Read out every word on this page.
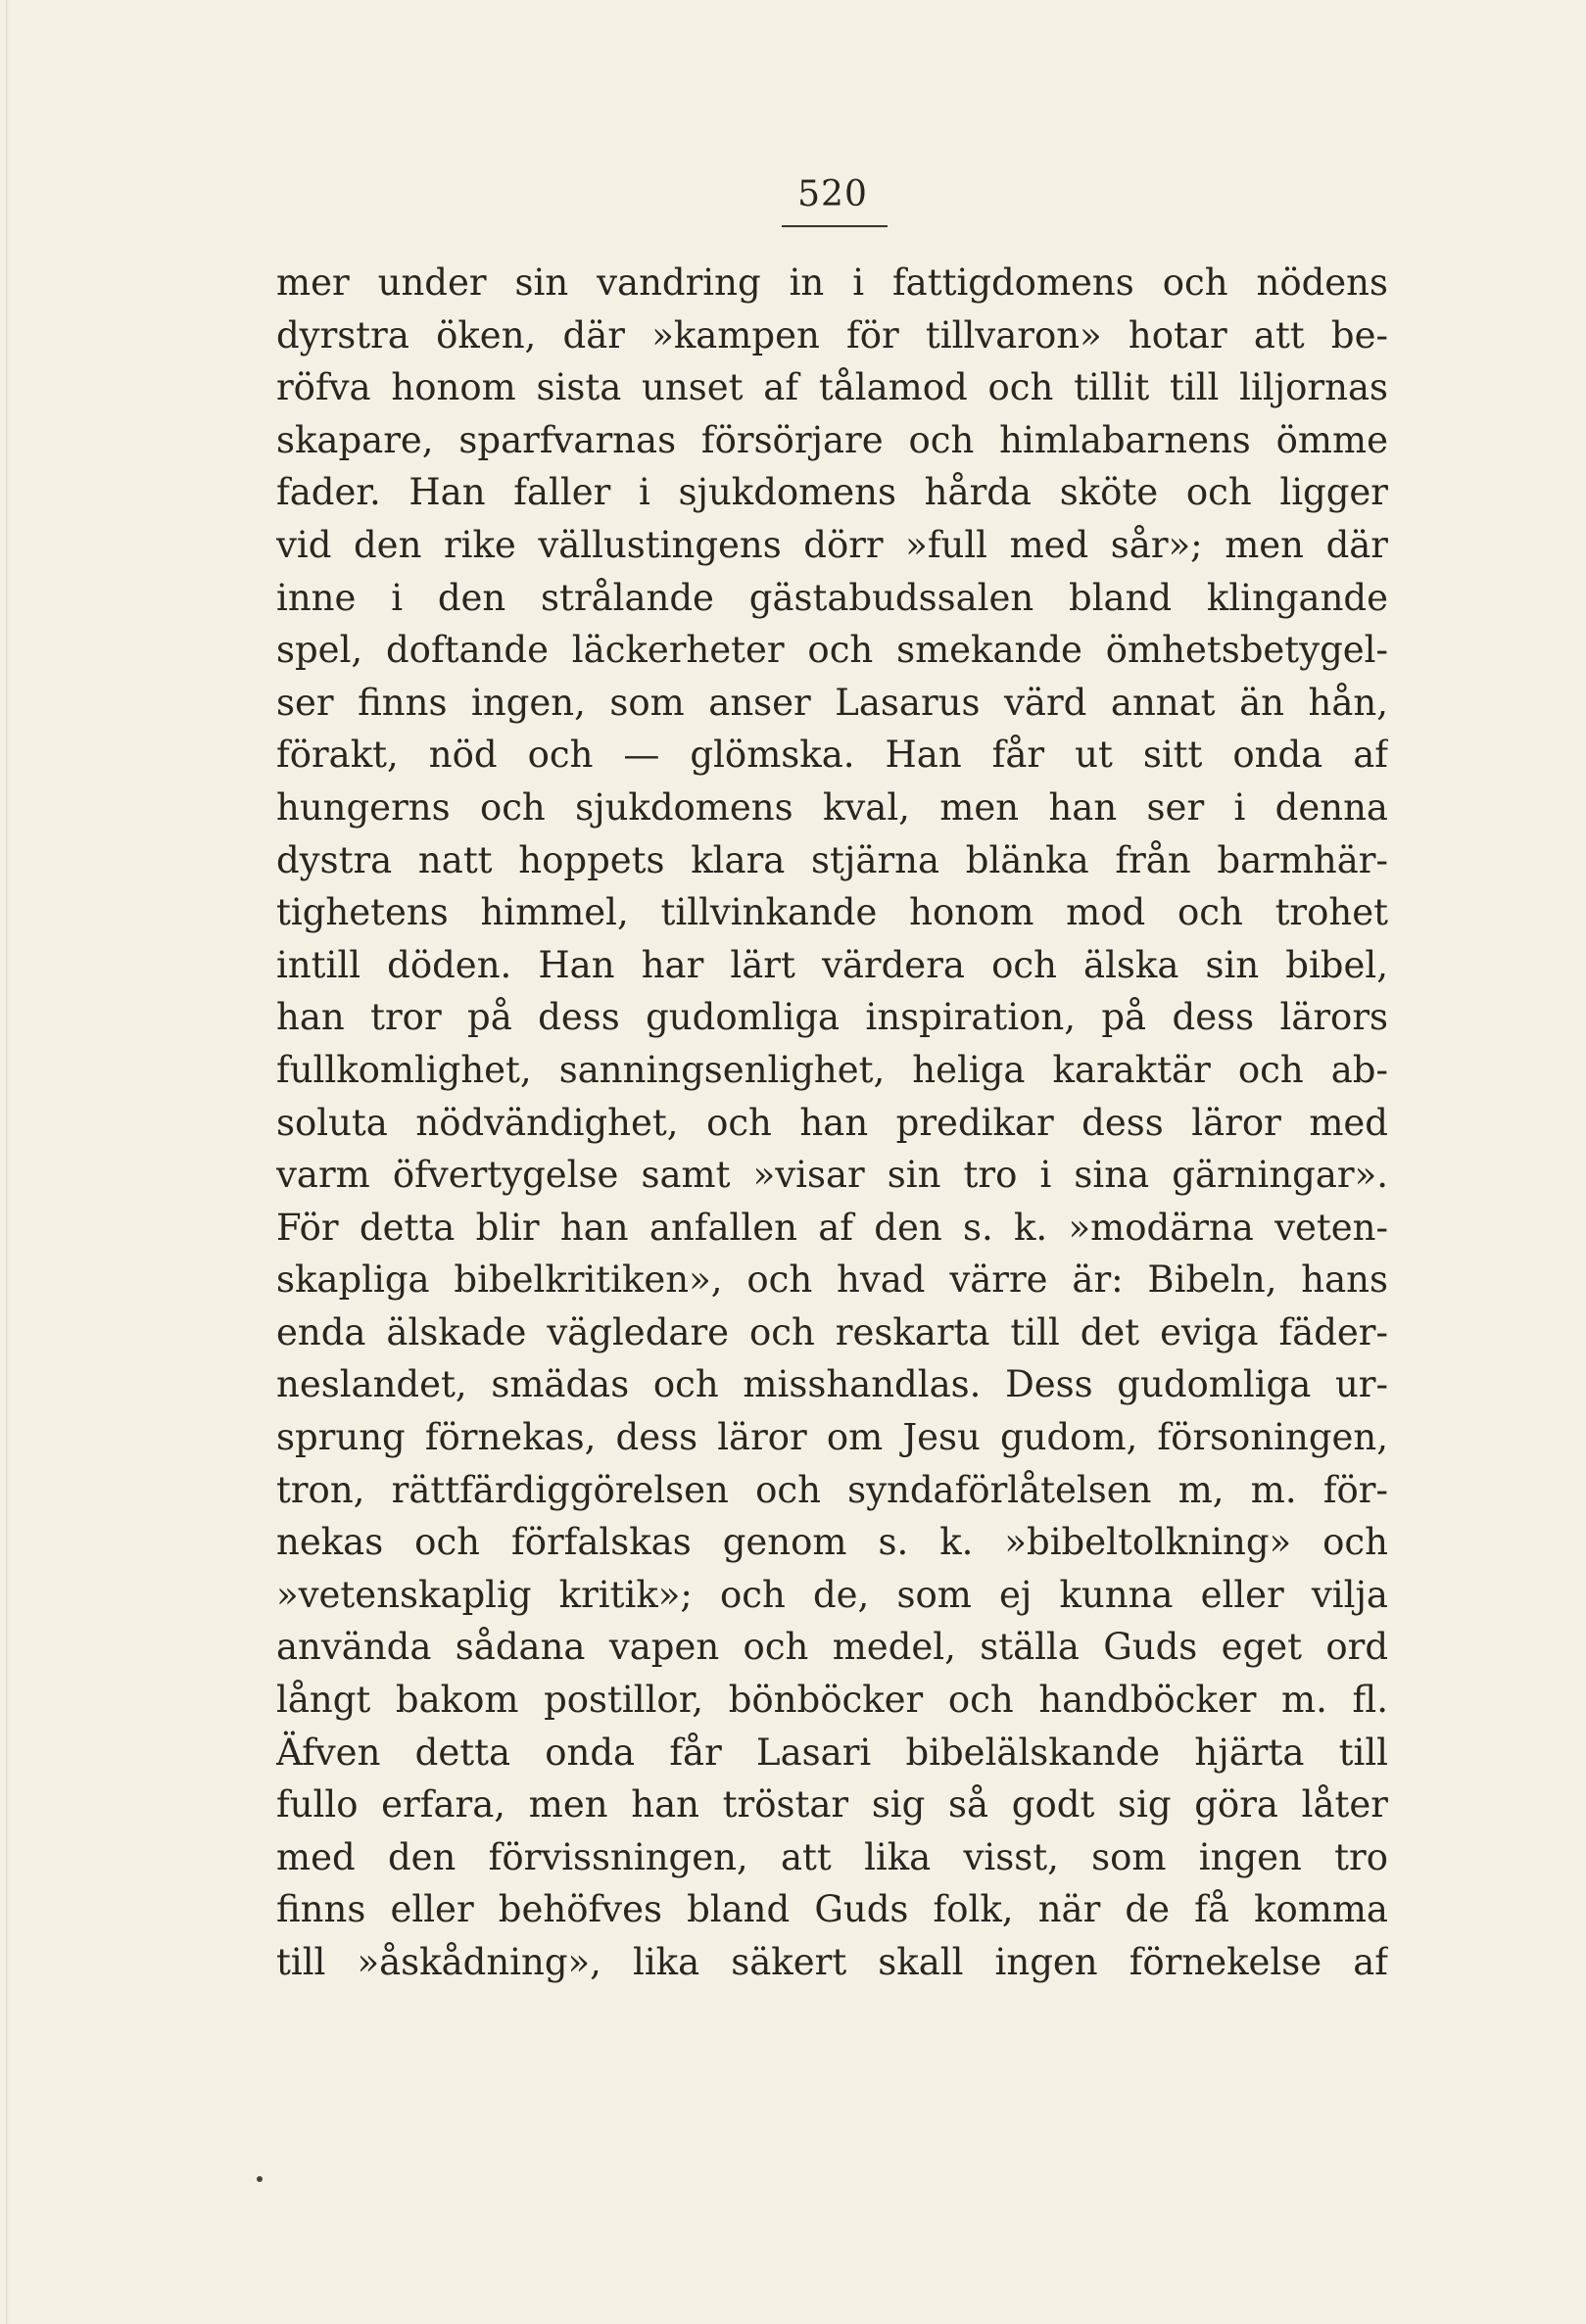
520
mer under sin vandring in i fattigdomens och nödens
dyrstra öken, där »kampen för tillvaron» hotar att be-
röfva honom sista unset af tålamod och tillit till liljornas
skapare, sparfvarnas försörjare och himlabarnens ömme
fader. Han faller i sjukdomens hårda sköte och ligger
vid den rike vällustingens dörr »full med sår»; men där
inne i den strålande gästabudssalen bland klingande
spel, doftande läckerheter och smekande ömhetsbetygel-
ser finns ingen, som anser Lasarus värd annat än hån,
förakt, nöd och — glömska. Han får ut sitt onda af
hungerns och sjukdomens kval, men han ser i denna
dystra natt hoppets klara stjärna blänka från barmhär-
tighetens himmel, tillvinkande honom mod och trohet
intill döden. Han har lärt värdera och älska sin bibel,
han tror på dess gudomliga inspiration, på dess lärors
fullkomlighet, sanningsenlighet, heliga karaktär och ab-
soluta nödvändighet, och han predikar dess läror med
varm öfvertygelse samt »visar sin tro i sina gärningar».
För detta blir han anfallen af den s. k. »modärna veten-
skapliga bibelkritiken», och hvad värre är: Bibeln, hans
enda älskade vägledare och reskarta till det eviga fäder-
neslandet, smädas och misshandlas. Dess gudomliga ur-
sprung förnekas, dess läror om Jesu gudom, försoningen,
tron, rättfärdiggörelsen och syndaförlåtelsen m, m. för-
nekas och förfalskas genom s. k. »bibeltolkning» och
»vetenskaplig kritik»; och de, som ej kunna eller vilja
använda sådana vapen och medel, ställa Guds eget ord
långt bakom postillor, bönböcker och handböcker m. fl.
Äfven detta onda får Lasari bibelälskande hjärta till
fullo erfara, men han tröstar sig så godt sig göra låter
med den förvissningen, att lika visst, som ingen tro
finns eller behöfves bland Guds folk, när de få komma
till »åskådning», lika säkert skall ingen förnekelse af
